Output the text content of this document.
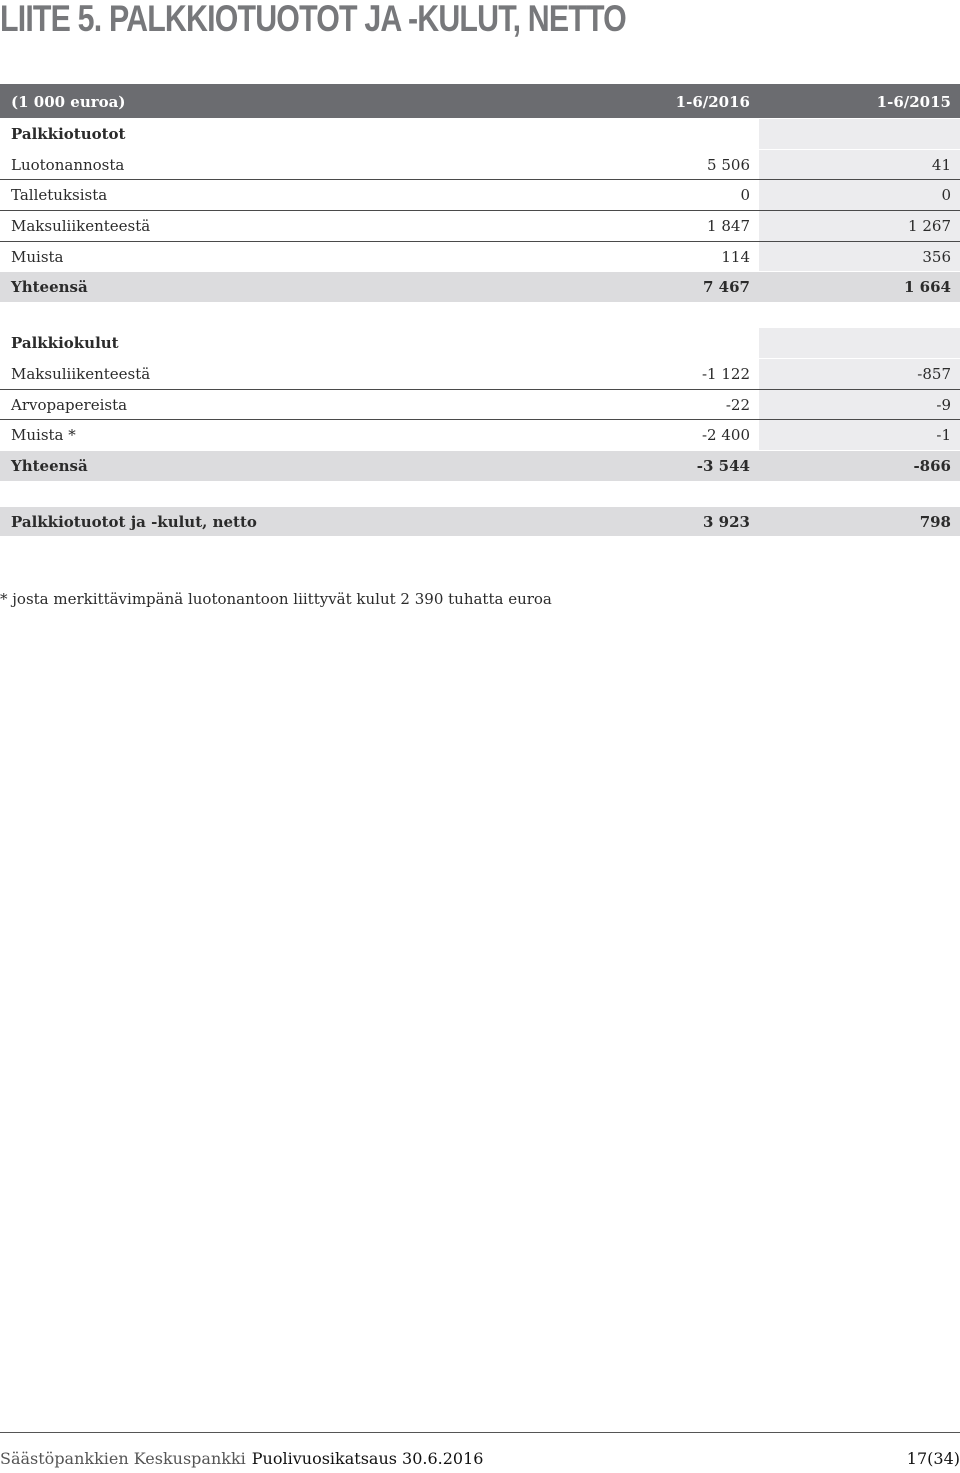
LIITE 5. PALKKIOTUOTOT JA -KULUT, NETTO
(1 000 euroa)	1-6/2016	1-6/2015
Palkkiotuotot
Luotonannosta	5 506	41
Talletuksista	0	0
Maksuliikenteestä	1 847	1 267
Muista	114	356
Yhteensä	7 467	1 664
Palkkiokulut
Maksuliikenteestä	-1 122	-857
Arvopapereista	-22	-9
Muista *	-2 400	-1
Yhteensä	-3 544	-866
Palkkiotuotot ja -kulut, netto	3 923	798
* josta merkittävimpänä luotonantoon liittyvät kulut 2 390 tuhatta euroa
Säästöpankkien Keskuspankki Puolivuosikatsaus 30.6.2016	17(34)
